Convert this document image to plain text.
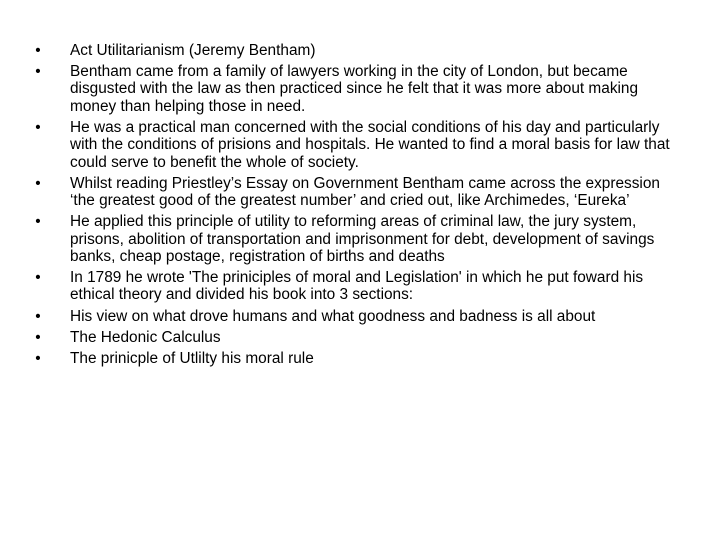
•	Act Utilitarianism (Jeremy Bentham)
•	Bentham came from a family of lawyers working in the city of London, but became disgusted with the law as then practiced since he felt that it was more about making money than helping those in need.
•	He was a practical man concerned with the social conditions of his day and particularly with the conditions of prisions and hospitals. He wanted to find a moral basis for law that could serve to benefit the whole of society.
•	Whilst reading Priestley’s Essay on Government Bentham came across the expression ‘the greatest good of the greatest number’ and cried out, like Archimedes, ‘Eureka’
•	He applied this principle of utility to reforming areas of criminal law, the jury system, prisons, abolition of transportation and imprisonment for debt, development of savings banks, cheap postage, registration of births and deaths
•	In 1789 he wrote 'The priniciples of moral and Legislation' in which he put foward his ethical theory and divided his book into 3 sections:
•	His view on what drove humans and what goodness and badness is all about
•	The Hedonic Calculus
•	The prinicple of Utlilty his moral rule
